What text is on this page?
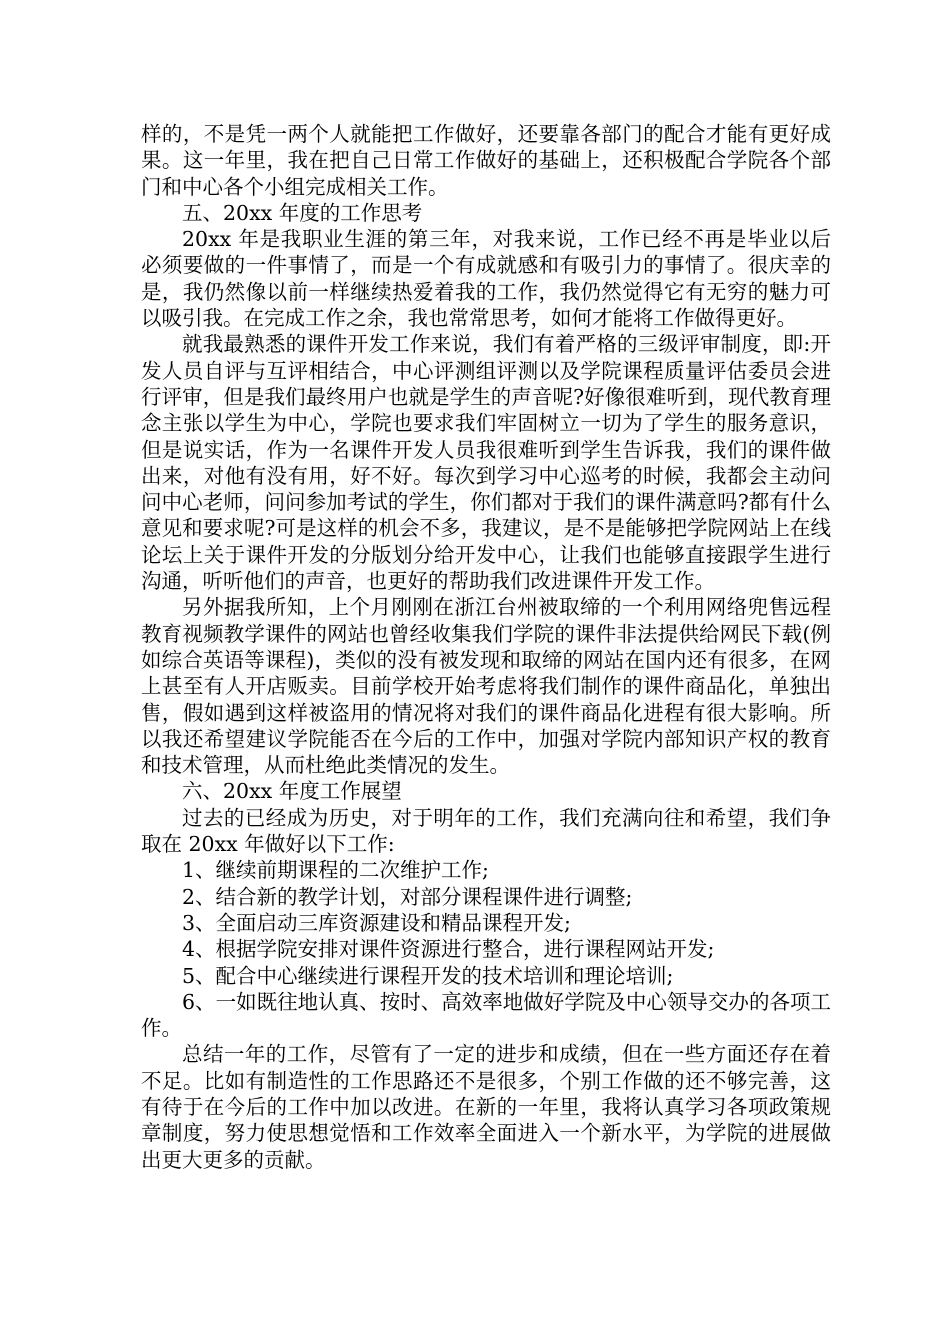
样的，不是凭一两个人就能把工作做好，还要靠各部门的配合才能有更好成果。这一年里，我在把自己日常工作做好的基础上，还积极配合学院各个部门和中心各个小组完成相关工作。

五、20xx 年度的工作思考

20xx 年是我职业生涯的第三年，对我来说，工作已经不再是毕业以后必须要做的一件事情了，而是一个有成就感和有吸引力的事情了。很庆幸的是，我仍然像以前一样继续热爱着我的工作，我仍然觉得它有无穷的魅力可以吸引我。在完成工作之余，我也常常思考，如何才能将工作做得更好。

就我最熟悉的课件开发工作来说，我们有着严格的三级评审制度，即:开发人员自评与互评相结合，中心评测组评测以及学院课程质量评估委员会进行评审，但是我们最终用户也就是学生的声音呢?好像很难听到，现代教育理念主张以学生为中心，学院也要求我们牢固树立一切为了学生的服务意识，但是说实话，作为一名课件开发人员我很难听到学生告诉我，我们的课件做出来，对他有没有用，好不好。每次到学习中心巡考的时候，我都会主动问问中心老师，问问参加考试的学生，你们都对于我们的课件满意吗?都有什么意见和要求呢?可是这样的机会不多，我建议，是不是能够把学院网站上在线论坛上关于课件开发的分版划分给开发中心，让我们也能够直接跟学生进行沟通，听听他们的声音，也更好的帮助我们改进课件开发工作。

另外据我所知，上个月刚刚在浙江台州被取缔的一个利用网络兜售远程教育视频教学课件的网站也曾经收集我们学院的课件非法提供给网民下载(例如综合英语等课程)，类似的没有被发现和取缔的网站在国内还有很多，在网上甚至有人开店贩卖。目前学校开始考虑将我们制作的课件商品化，单独出售，假如遇到这样被盗用的情况将对我们的课件商品化进程有很大影响。所以我还希望建议学院能否在今后的工作中，加强对学院内部知识产权的教育和技术管理，从而杜绝此类情况的发生。

六、20xx 年度工作展望

过去的已经成为历史，对于明年的工作，我们充满向往和希望，我们争取在 20xx 年做好以下工作:

1、继续前期课程的二次维护工作;

2、结合新的教学计划，对部分课程课件进行调整;

3、全面启动三库资源建设和精品课程开发;

4、根据学院安排对课件资源进行整合，进行课程网站开发;

5、配合中心继续进行课程开发的技术培训和理论培训;

6、一如既往地认真、按时、高效率地做好学院及中心领导交办的各项工作。

总结一年的工作，尽管有了一定的进步和成绩，但在一些方面还存在着不足。比如有制造性的工作思路还不是很多，个别工作做的还不够完善，这有待于在今后的工作中加以改进。在新的一年里，我将认真学习各项政策规章制度，努力使思想觉悟和工作效率全面进入一个新水平，为学院的进展做出更大更多的贡献。
